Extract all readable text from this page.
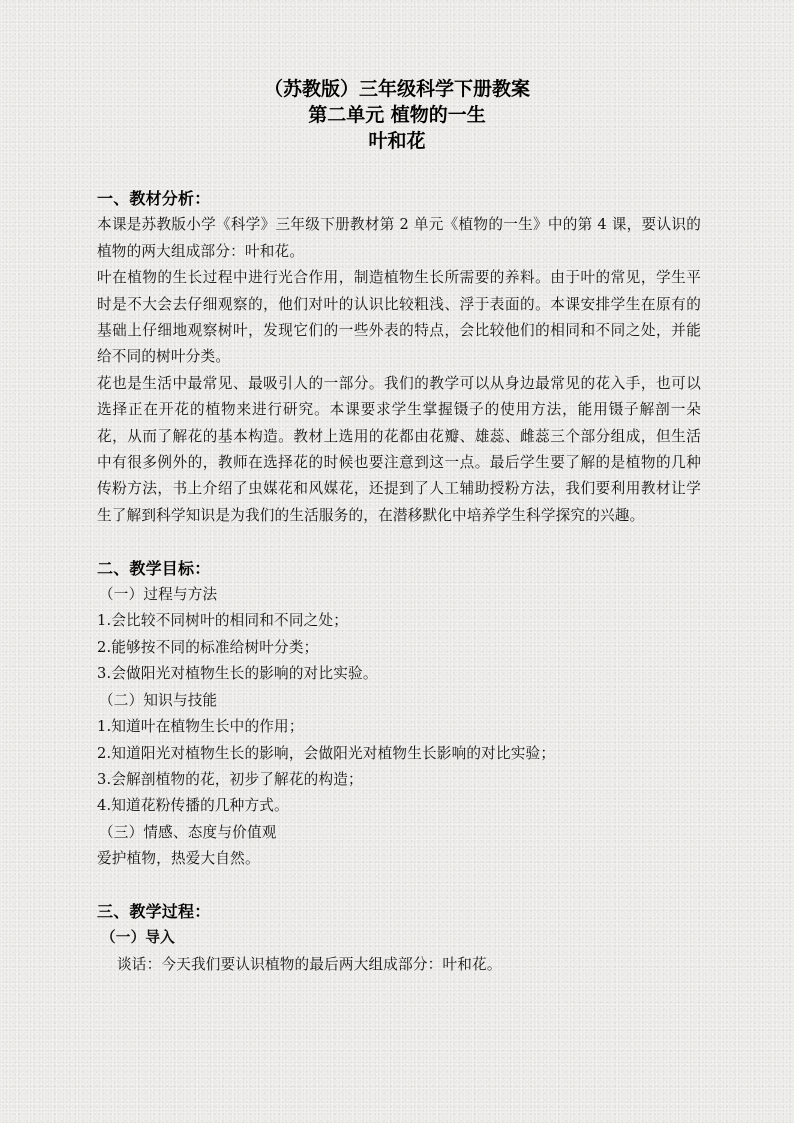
（苏教版）三年级科学下册教案
第二单元 植物的一生
叶和花
一、教材分析：

本课是苏教版小学《科学》三年级下册教材第 2 单元《植物的一生》中的第 4 课，要认识的植物的两大组成部分：叶和花。

叶在植物的生长过程中进行光合作用，制造植物生长所需要的养料。由于叶的常见，学生平时是不大会去仔细观察的，他们对叶的认识比较粗浅、浮于表面的。本课安排学生在原有的基础上仔细地观察树叶，发现它们的一些外表的特点，会比较他们的相同和不同之处，并能给不同的树叶分类。

花也是生活中最常见、最吸引人的一部分。我们的教学可以从身边最常见的花入手，也可以选择正在开花的植物来进行研究。本课要求学生掌握镊子的使用方法，能用镊子解剖一朵花，从而了解花的基本构造。教材上选用的花都由花瓣、雄蕊、雌蕊三个部分组成，但生活中有很多例外的，教师在选择花的时候也要注意到这一点。最后学生要了解的是植物的几种传粉方法，书上介绍了虫媒花和风媒花，还提到了人工辅助授粉方法，我们要利用教材让学生了解到科学知识是为我们的生活服务的，在潜移默化中培养学生科学探究的兴趣。

二、教学目标：

（一）过程与方法

1.会比较不同树叶的相同和不同之处；

2.能够按不同的标准给树叶分类；

3.会做阳光对植物生长的影响的对比实验。

（二）知识与技能

1.知道叶在植物生长中的作用；

2.知道阳光对植物生长的影响，会做阳光对植物生长影响的对比实验；

3.会解剖植物的花，初步了解花的构造；

4.知道花粉传播的几种方式。

（三）情感、态度与价值观

爱护植物，热爱大自然。

三、教学过程：

（一）导入

谈话：今天我们要认识植物的最后两大组成部分：叶和花。
